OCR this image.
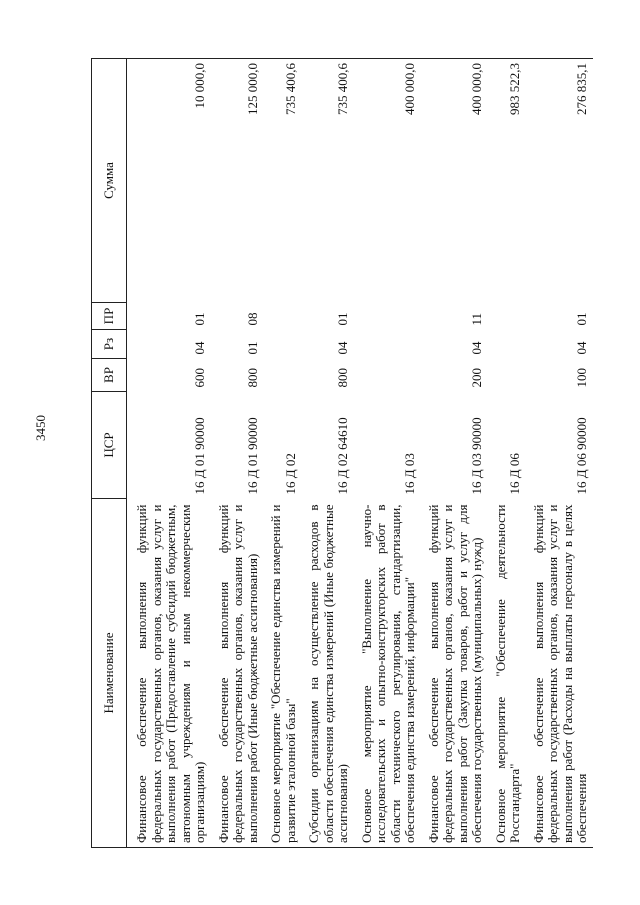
3450
Наименование	ЦСР	ВР	Рз	ПР	Сумма

Финансовое обеспечение выполнения функций федеральных государственных органов, оказания услуг и выполнения работ (Предоставление субсидий бюджетным, автономным учреждениям и иным некоммерческим организациям)	16 Д 01 90000	600	04	01	10 000,0
Финансовое обеспечение выполнения функций федеральных государственных органов, оказания услуг и выполнения работ (Иные бюджетные ассигнования)	16 Д 01 90000	800	01	08	125 000,0
Основное мероприятие "Обеспечение единства измерений и развитие эталонной базы"	16 Д 02				735 400,6
Субсидии организациям на осуществление расходов в области обеспечения единства измерений (Иные бюджетные ассигнования)	16 Д 02 64610	800	04	01	735 400,6
Основное мероприятие "Выполнение научно-исследовательских и опытно-конструкторских работ в области технического регулирования, стандартизации, обеспечения единства измерений, информации"	16 Д 03				400 000,0
Финансовое обеспечение выполнения функций федеральных государственных органов, оказания услуг и выполнения работ (Закупка товаров, работ и услуг для обеспечения государственных (муниципальных) нужд)	16 Д 03 90000	200	04	11	400 000,0
Основное мероприятие "Обеспечение деятельности Росстандарта"	16 Д 06				983 522,3
Финансовое обеспечение выполнения функций федеральных государственных органов, оказания услуг и выполнения работ (Расходы на выплаты персоналу в целях обеспечения	16 Д 06 90000	100	04	01	276 835,1
